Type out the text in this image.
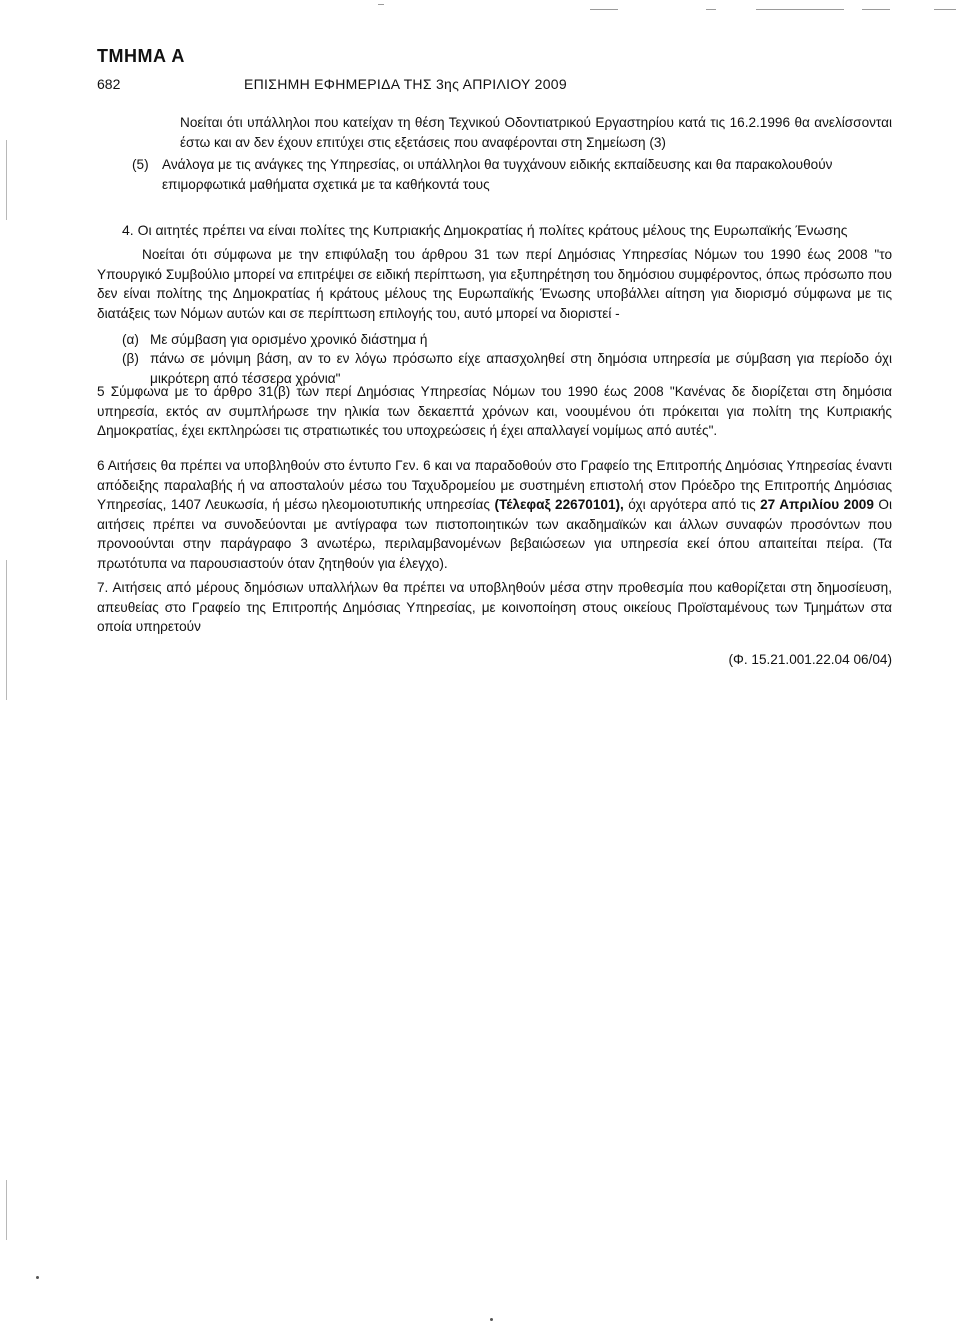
ΤΜΗΜΑ Α
682	ΕΠΙΣΗΜΗ ΕΦΗΜΕΡΙΔΑ ΤΗΣ 3ης ΑΠΡΙΛΙΟΥ 2009
Νοείται ότι υπάλληλοι που κατείχαν τη θέση Τεχνικού Οδοντιατρικού Εργαστηρίου κατά τις 16.2.1996 θα ανελίσσονται έστω και αν δεν έχουν επιτύχει στις εξετάσεις που αναφέρονται στη Σημείωση (3)
(5) Ανάλογα με τις ανάγκες της Υπηρεσίας, οι υπάλληλοι θα τυγχάνουν ειδικής εκπαίδευσης και θα παρακολουθούν επιμορφωτικά μαθήματα σχετικά με τα καθήκοντά τους
4. Οι αιτητές πρέπει να είναι πολίτες της Κυπριακής Δημοκρατίας ή πολίτες κράτους μέλους της Ευρωπαϊκής Ένωσης
Νοείται ότι σύμφωνα με την επιφύλαξη του άρθρου 31 των περί Δημόσιας Υπηρεσίας Νόμων του 1990 έως 2008 "το Υπουργικό Συμβούλιο μπορεί να επιτρέψει σε ειδική περίπτωση, για εξυπηρέτηση του δημόσιου συμφέροντος, όπως πρόσωπο που δεν είναι πολίτης της Δημοκρατίας ή κράτους μέλους της Ευρωπαϊκής Ένωσης υποβάλλει αίτηση για διορισμό σύμφωνα με τις διατάξεις των Νόμων αυτών και σε περίπτωση επιλογής του, αυτό μπορεί να διοριστεί -
(α) Με σύμβαση για ορισμένο χρονικό διάστημα ή
(β) πάνω σε μόνιμη βάση, αν το εν λόγω πρόσωπο είχε απασχοληθεί στη δημόσια υπηρεσία με σύμβαση για περίοδο όχι μικρότερη από τέσσερα χρόνια"
5 Σύμφωνα με το άρθρο 31(β) των περί Δημόσιας Υπηρεσίας Νόμων του 1990 έως 2008 "Κανένας δε διορίζεται στη δημόσια υπηρεσία, εκτός αν συμπλήρωσε την ηλικία των δεκαεπτά χρόνων και, νοουμένου ότι πρόκειται για πολίτη της Κυπριακής Δημοκρατίας, έχει εκπληρώσει τις στρατιωτικές του υποχρεώσεις ή έχει απαλλαγεί νομίμως από αυτές".
6 Αιτήσεις θα πρέπει να υποβληθούν στο έντυπο Γεν. 6 και να παραδοθούν στο Γραφείο της Επιτροπής Δημόσιας Υπηρεσίας έναντι απόδειξης παραλαβής ή να αποσταλούν μέσω του Ταχυδρομείου με συστημένη επιστολή στον Πρόεδρο της Επιτροπής Δημόσιας Υπηρεσίας, 1407 Λευκωσία, ή μέσω ηλεομοιοτυπικής υπηρεσίας (Τέλεφαξ 22670101), όχι αργότερα από τις 27 Απριλίου 2009 Οι αιτήσεις πρέπει να συνοδεύονται με αντίγραφα των πιστοποιητικών των ακαδημαϊκών και άλλων συναφών προσόντων που προνοούνται στην παράγραφο 3 ανωτέρω, περιλαμβανομένων βεβαιώσεων για υπηρεσία εκεί όπου απαιτείται πείρα. (Τα πρωτότυπα να παρουσιαστούν όταν ζητηθούν για έλεγχο).
7. Αιτήσεις από μέρους δημόσιων υπαλλήλων θα πρέπει να υποβληθούν μέσα στην προθεσμία που καθορίζεται στη δημοσίευση, απευθείας στο Γραφείο της Επιτροπής Δημόσιας Υπηρεσίας, με κοινοποίηση στους οικείους Προϊσταμένους των Τμημάτων στα οποία υπηρετούν
(Φ. 15.21.001.22.04 06/04)
